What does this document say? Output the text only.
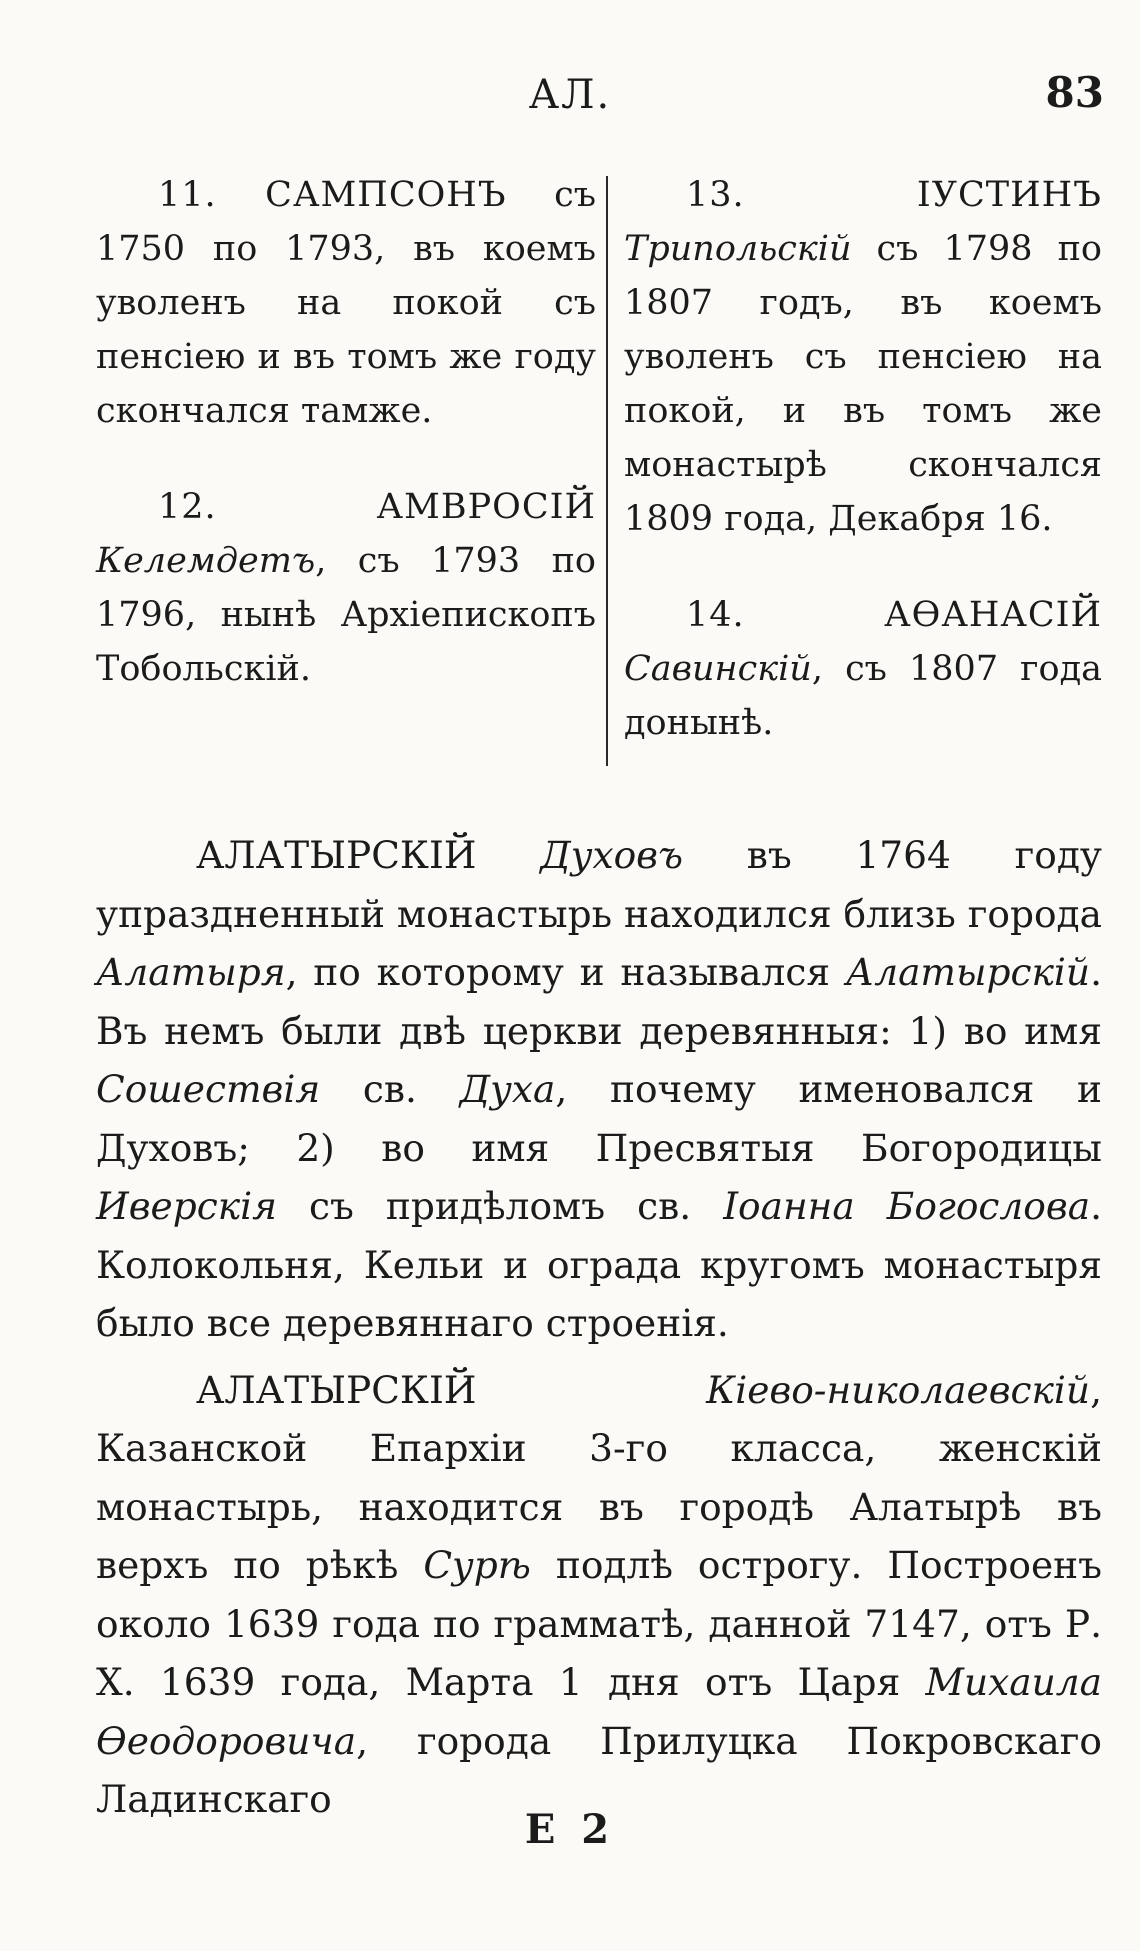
АЛ.	83

11. САМПСОНЪ съ 1750 по 1793, въ коемъ уволенъ на покой съ пенсіею и въ томъ же году скончался тамже.

12. АМВРОСІЙ Келемдетъ, съ 1793 по 1796, нынѣ Архіепископъ Тобольскій.

13. ІУСТИНЪ Трипольскій съ 1798 по 1807 годъ, въ коемъ уволенъ съ пенсіею на покой, и въ томъ же монастырѣ скончался 1809 года, Декабря 16.

14. АѲАНАСІЙ Савинскій, съ 1807 года донынѣ.

АЛАТЫРСКІЙ Духовъ въ 1764 году упраздненный монастырь находился близь города Алатыря, по которому и назывался Алатырскій. Въ немъ были двѣ церкви деревянныя: 1) во имя Сошествія св. Духа, почему именовался и Духовъ; 2) во имя Пресвятыя Богородицы Иверскія съ придѣломъ св. Іоанна Богослова. Колокольня, Кельи и ограда кругомъ монастыря было все деревяннаго строенія.

АЛАТЫРСКІЙ Кіево-николаевскій, Казанской Епархіи 3-го класса, женскій монастырь, находится въ городѣ Алатырѣ въ верхъ по рѣкѣ Сурѣ подлѣ острогу. Построенъ около 1639 года по грамматѣ, данной 7147, отъ Р. Х. 1639 года, Марта 1 дня отъ Царя Михаила Ѳеодоровича, города Прилуцка Покровскаго Ладинскаго

Е 2
